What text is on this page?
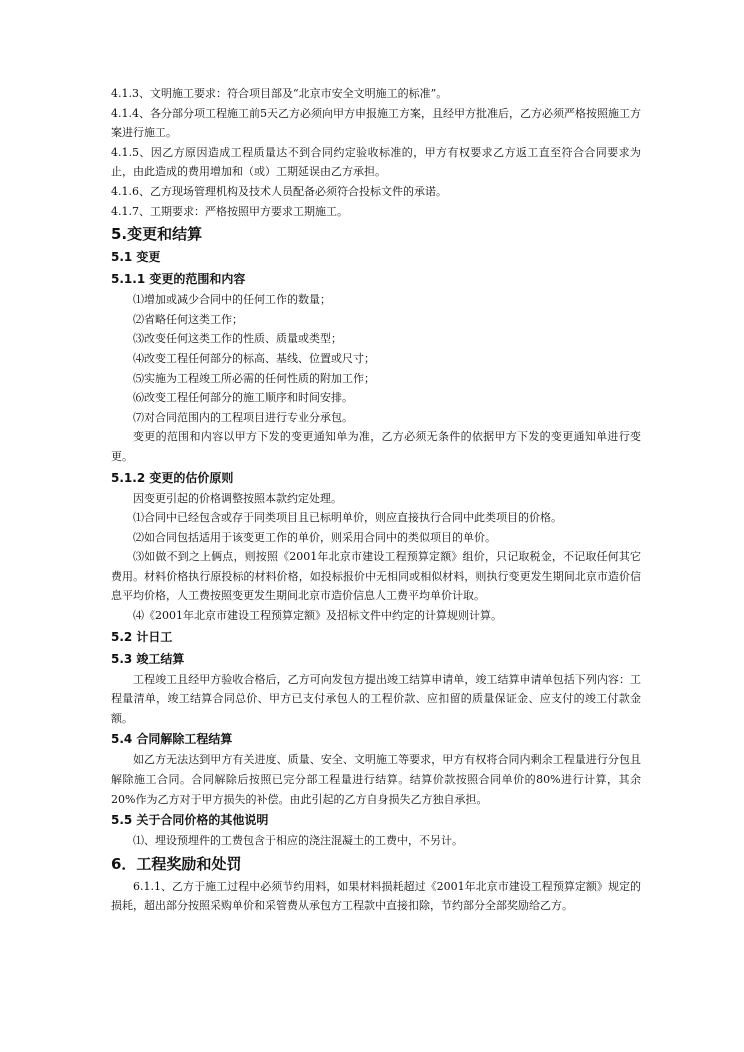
4.1.3、文明施工要求：符合项目部及“北京市安全文明施工的标准”。

4.1.4、各分部分项工程施工前5天乙方必须向甲方申报施工方案，且经甲方批准后，乙方必须严格按照施工方案进行施工。

4.1.5、因乙方原因造成工程质量达不到合同约定验收标准的，甲方有权要求乙方返工直至符合合同要求为止，由此造成的费用增加和（或）工期延误由乙方承担。

4.1.6、乙方现场管理机构及技术人员配备必须符合投标文件的承诺。

4.1.7、工期要求：严格按照甲方要求工期施工。

5.变更和结算
5.1 变更
5.1.1 变更的范围和内容

⑴增加或减少合同中的任何工作的数量；

⑵省略任何这类工作；

⑶改变任何这类工作的性质、质量或类型；

⑷改变工程任何部分的标高、基线、位置或尺寸；

⑸实施为工程竣工所必需的任何性质的附加工作；

⑹改变工程任何部分的施工顺序和时间安排。

⑺对合同范围内的工程项目进行专业分承包。

变更的范围和内容以甲方下发的变更通知单为准，乙方必须无条件的依据甲方下发的变更通知单进行变更。

5.1.2 变更的估价原则

因变更引起的价格调整按照本款约定处理。

⑴合同中已经包含或存于同类项目且已标明单价，则应直接执行合同中此类项目的价格。

⑵如合同包括适用于该变更工作的单价，则采用合同中的类似项目的单价。

⑶如做不到之上俩点，则按照《2001年北京市建设工程预算定额》组价，只记取税金，不记取任何其它费用。材料价格执行原投标的材料价格，如投标报价中无相同或相似材料，则执行变更发生期间北京市造价信息平均价格，人工费按照变更发生期间北京市造价信息人工费平均单价计取。

⑷《2001年北京市建设工程预算定额》及招标文件中约定的计算规则计算。

5.2 计日工
5.3 竣工结算

工程竣工且经甲方验收合格后，乙方可向发包方提出竣工结算申请单，竣工结算申请单包括下列内容：工程量清单，竣工结算合同总价、甲方已支付承包人的工程价款、应扣留的质量保证金、应支付的竣工付款金额。

5.4 合同解除工程结算

如乙方无法达到甲方有关进度、质量、安全、文明施工等要求，甲方有权将合同内剩余工程量进行分包且解除施工合同。合同解除后按照已完分部工程量进行结算。结算价款按照合同单价的80%进行计算，其余20%作为乙方对于甲方损失的补偿。由此引起的乙方自身损失乙方独自承担。

5.5 关于合同价格的其他说明

⑴、埋设预埋件的工费包含于相应的浇注混凝土的工费中，不另计。

6．工程奖励和处罚

6.1.1、乙方于施工过程中必须节约用料，如果材料损耗超过《2001年北京市建设工程预算定额》规定的损耗，超出部分按照采购单价和采管费从承包方工程款中直接扣除，节约部分全部奖励给乙方。
